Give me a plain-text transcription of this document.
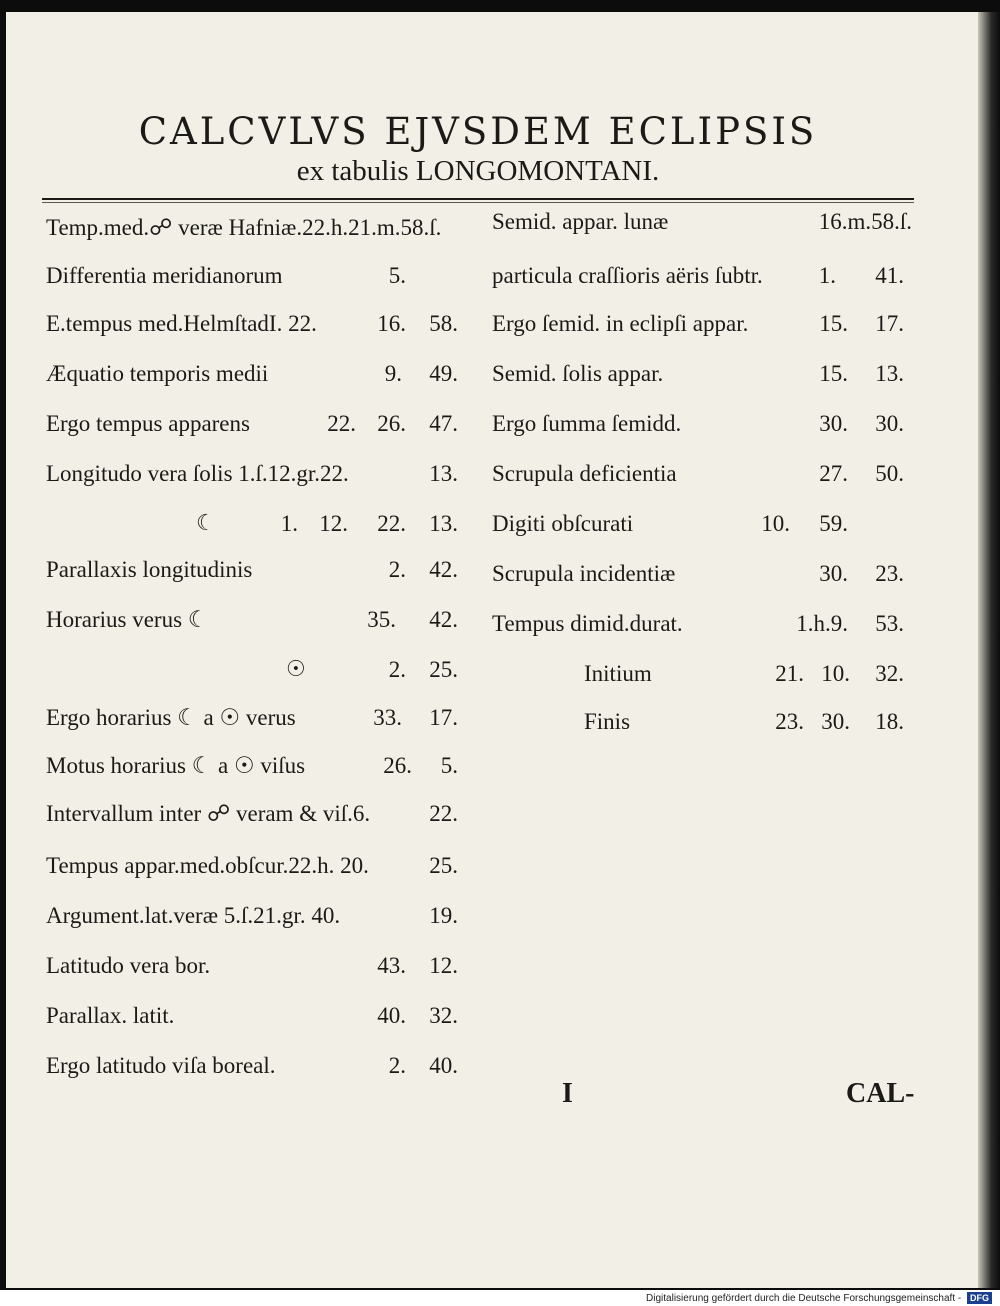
CALCVLVS EJVSDEM ECLIPSIS
ex tabulis LONGOMONTANI.
Temp.med.☍ veræ Hafniæ.22.h.21.m.58.ſ.
Differentia meridianorum	5.
E.tempus med.HelmſtadI. 22.	16.	58.
Æquatio temporis medii	9.	49.
Ergo tempus apparens	22. 26.	47.
Longitudo vera ſolis 1.ſ.12.gr.22.	13.
☾	1. 12.	22.	13.
Parallaxis longitudinis	2.	42.
Horarius verus ☾	35.	42.
☉	2.	25.
Ergo horarius ☾ a ☉ verus	33.	17.
Motus horarius ☾ a ☉ viſus	26.	5.
Intervallum inter ☍ veram & viſ.6.	22.
Tempus appar.med.obſcur.22.h. 20.	25.
Argument.lat.veræ 5.ſ.21.gr. 40.	19.
Latitudo vera bor.	43.	12.
Parallax. latit.	40.	32.
Ergo latitudo viſa boreal.	2.	40.
Semid. appar. lunæ	16.m.58.ſ.
particula craſſioris aëris ſubtr.	1.	41.
Ergo ſemid. in eclipſi appar.	15.	17.
Semid. ſolis appar.	15.	13.
Ergo ſumma ſemidd.	30.	30.
Scrupula deficientia	27.	50.
Digiti obſcurati	10.	59.
Scrupula incidentiæ	30.	23.
Tempus dimid.durat.	1.h.9.	53.
Initium	21. 10.	32.
Finis	23. 30.	18.
I	CAL-
Digitalisierung gefördert durch die Deutsche Forschungsgemeinschaft - DFG
